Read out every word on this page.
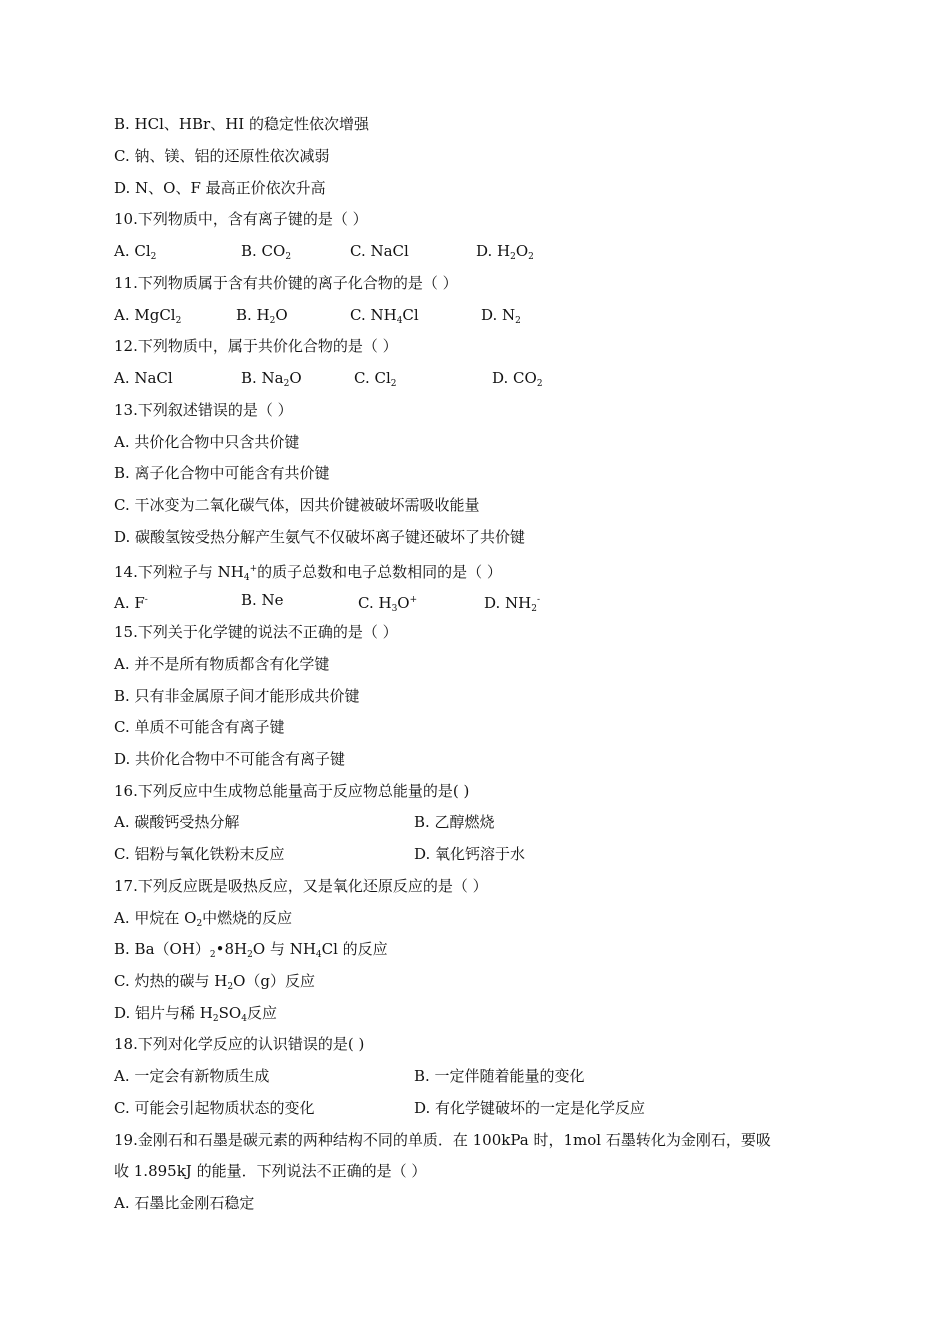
B. HCl、HBr、HI 的稳定性依次增强
C. 钠、镁、铝的还原性依次减弱
D. N、O、F 最高正价依次升高
10.下列物质中，含有离子键的是（ ）
A. $Cl_2$	B. $CO_2$	C. NaCl	D. $H_2O_2$
11.下列物质属于含有共价键的离子化合物的是（ ）
A. MgCl$_2$	B. $H_2O$	C. $NH_4Cl$	D. $N_2$
12.下列物质中，属于共价化合物的是（ ）
A. NaCl	B. $Na_2O$	C. $Cl_2$	D. $CO_2$
13.下列叙述错误的是（ ）
A. 共价化合物中只含共价键
B. 离子化合物中可能含有共价键
C. 干冰变为二氧化碳气体，因共价键被破坏需吸收能量
D. 碳酸氢铵受热分解产生氨气不仅破坏离子键还破坏了共价键
14.下列粒子与 $NH_4^+$的质子总数和电子总数相同的是（ ）
A. F-	B. Ne	C. $H_3O^+$	D. $NH_2^-$
15.下列关于化学键的说法不正确的是（ ）
A. 并不是所有物质都含有化学键
B. 只有非金属原子间才能形成共价键
C. 单质不可能含有离子键
D. 共价化合物中不可能含有离子键
16.下列反应中生成物总能量高于反应物总能量的是( )
A. 碳酸钙受热分解	B. 乙醇燃烧
C. 铝粉与氧化铁粉末反应	D. 氧化钙溶于水
17.下列反应既是吸热反应，又是氧化还原反应的是（ ）
A. 甲烷在 $O_2$中燃烧的反应
B. $Ba(OH)_2•8H_2O$ 与 $NH_4Cl$ 的反应
C. 灼热的碳与 $H_2O(g)$反应
D. 铝片与稀 $H_2SO_4$反应
18.下列对化学反应的认识错误的是( )
A. 一定会有新物质生成	B. 一定伴随着能量的变化
C. 可能会引起物质状态的变化	D. 有化学键破坏的一定是化学反应
19.金刚石和石墨是碳元素的两种结构不同的单质．在 100kPa 时，1mol 石墨转化为金刚石，要吸
收 1.895kJ 的能量．下列说法不正确的是（ ）
A. 石墨比金刚石稳定
